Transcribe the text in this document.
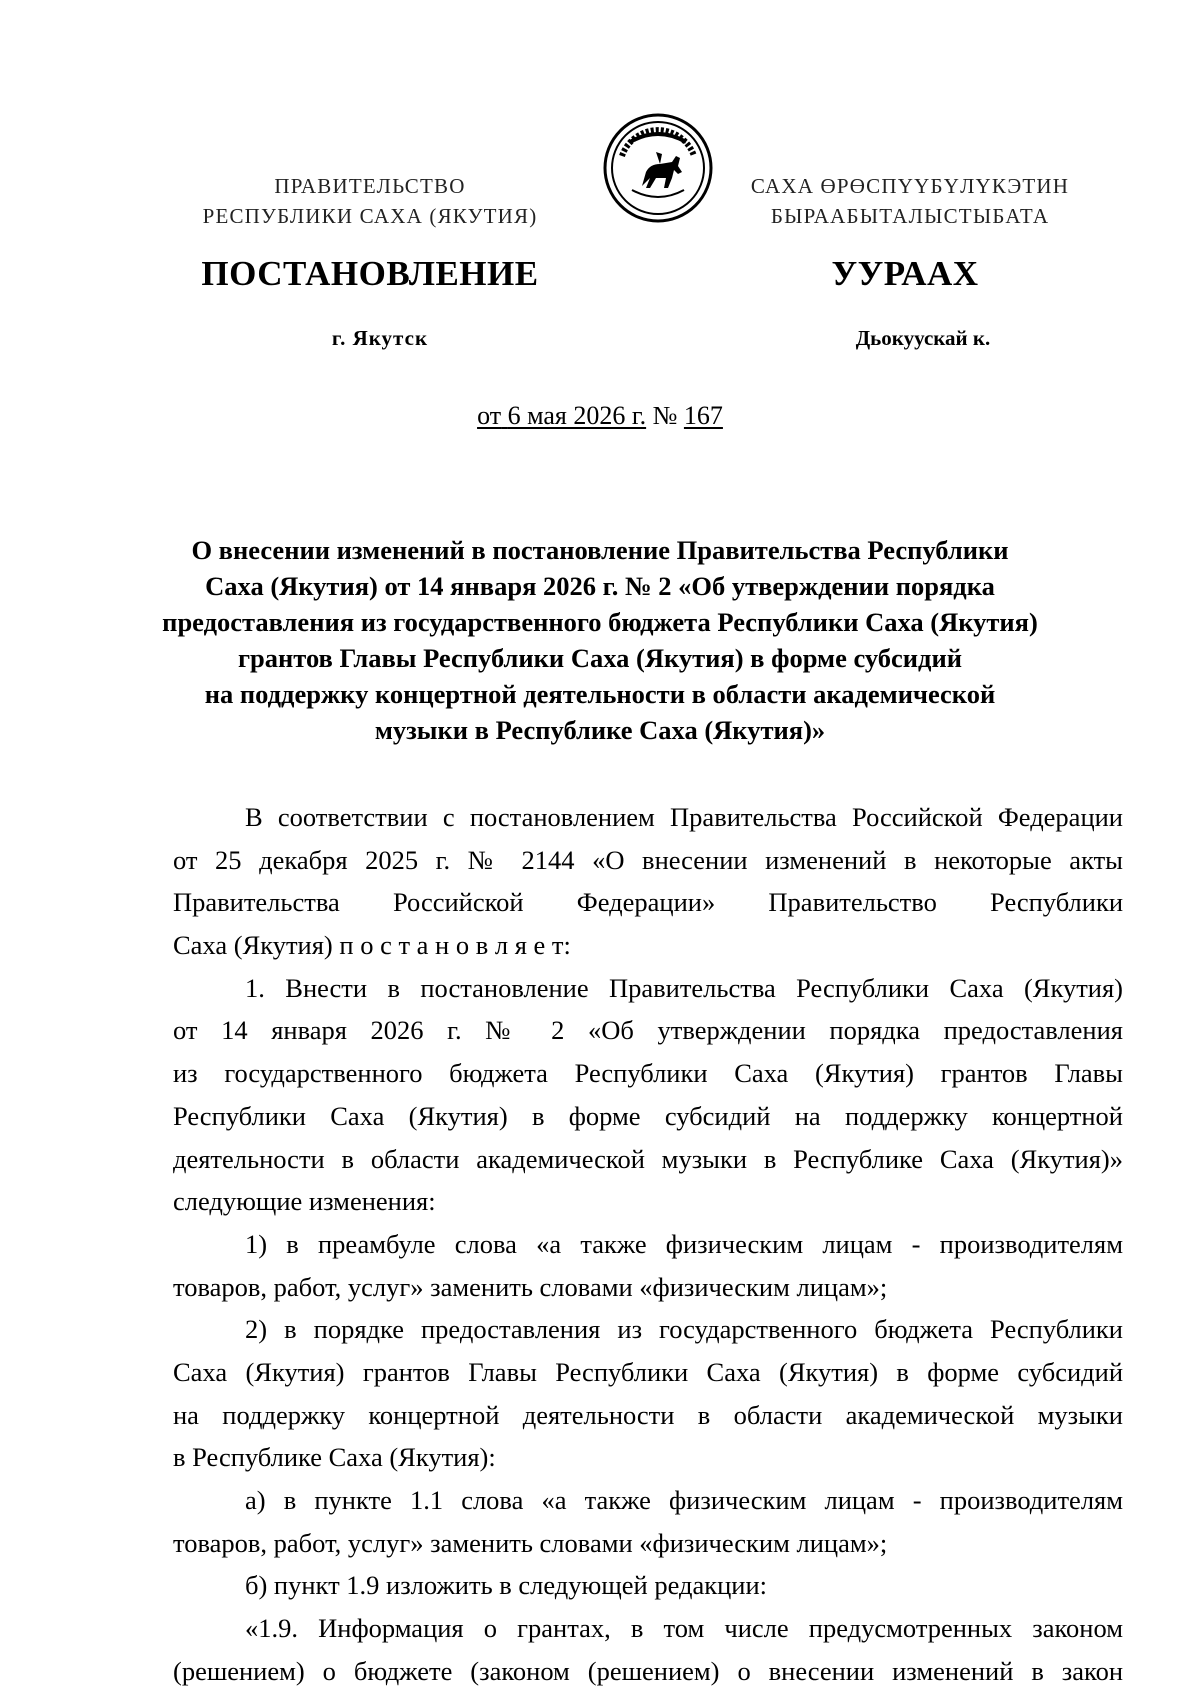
ПРАВИТЕЛЬСТВО
РЕСПУБЛИКИ САХА (ЯКУТИЯ)
САХА ӨРӨСПҮҮБҮЛҮКЭТИН
БЫРААБЫТАЛЫСТЫБАТА
ПОСТАНОВЛЕНИЕ	УУРААХ
г. Якутск	Дьокуускай к.
от 6 мая 2026 г. № 167
О внесении изменений в постановление Правительства Республики
Саха (Якутия) от 14 января 2026 г. № 2 «Об утверждении порядка
предоставления из государственного бюджета Республики Саха (Якутия)
грантов Главы Республики Саха (Якутия) в форме субсидий
на поддержку концертной деятельности в области академической
музыки в Республике Саха (Якутия)»
В соответствии с постановлением Правительства Российской Федерации
от 25 декабря 2025 г. № 2144 «О внесении изменений в некоторые акты
Правительства Российской Федерации» Правительство Республики
Саха (Якутия) п о с т а н о в л я е т:
1. Внести в постановление Правительства Республики Саха (Якутия)
от 14 января 2026 г. № 2 «Об утверждении порядка предоставления
из государственного бюджета Республики Саха (Якутия) грантов Главы
Республики Саха (Якутия) в форме субсидий на поддержку концертной
деятельности в области академической музыки в Республике Саха (Якутия)»
следующие изменения:
1) в преамбуле слова «а также физическим лицам - производителям
товаров, работ, услуг» заменить словами «физическим лицам»;
2) в порядке предоставления из государственного бюджета Республики
Саха (Якутия) грантов Главы Республики Саха (Якутия) в форме субсидий
на поддержку концертной деятельности в области академической музыки
в Республике Саха (Якутия):
а) в пункте 1.1 слова «а также физическим лицам - производителям
товаров, работ, услуг» заменить словами «физическим лицам»;
б) пункт 1.9 изложить в следующей редакции:
«1.9. Информация о грантах, в том числе предусмотренных законом
(решением) о бюджете (законом (решением) о внесении изменений в закон
